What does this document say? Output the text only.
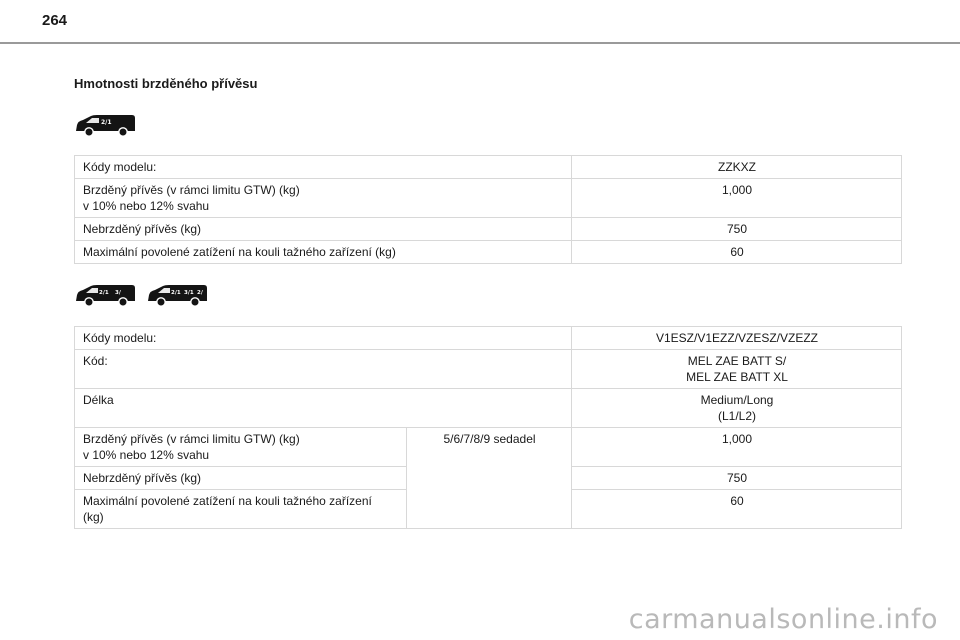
264
Hmotnosti brzděného přívěsu
2/1
Kódy modelu:	ZZKXZ

Brzděný přívěs (v rámci limitu GTW) (kg)
v 10% nebo 12% svahu	1,000
Nebrzděný přívěs (kg)	750
Maximální povolené zatížení na kouli tažného zařízení (kg)	60
2/1 3/	2/1 3/1 2/
Kódy modelu:		V1ESZ/V1EZZ/VZESZ/VZEZZ
Kód:		MEL ZAE BATT S/
MEL ZAE BATT XL

Délka		Medium/Long
(L1/L2)

Brzděný přívěs (v rámci limitu GTW) (kg)
v 10% nebo 12% svahu	5/6/7/8/9 sedadel	1,000
Nebrzděný přívěs (kg)		750

Maximální povolené zatížení na kouli tažného zařízení
(kg)		60
carmanualsonline.info
